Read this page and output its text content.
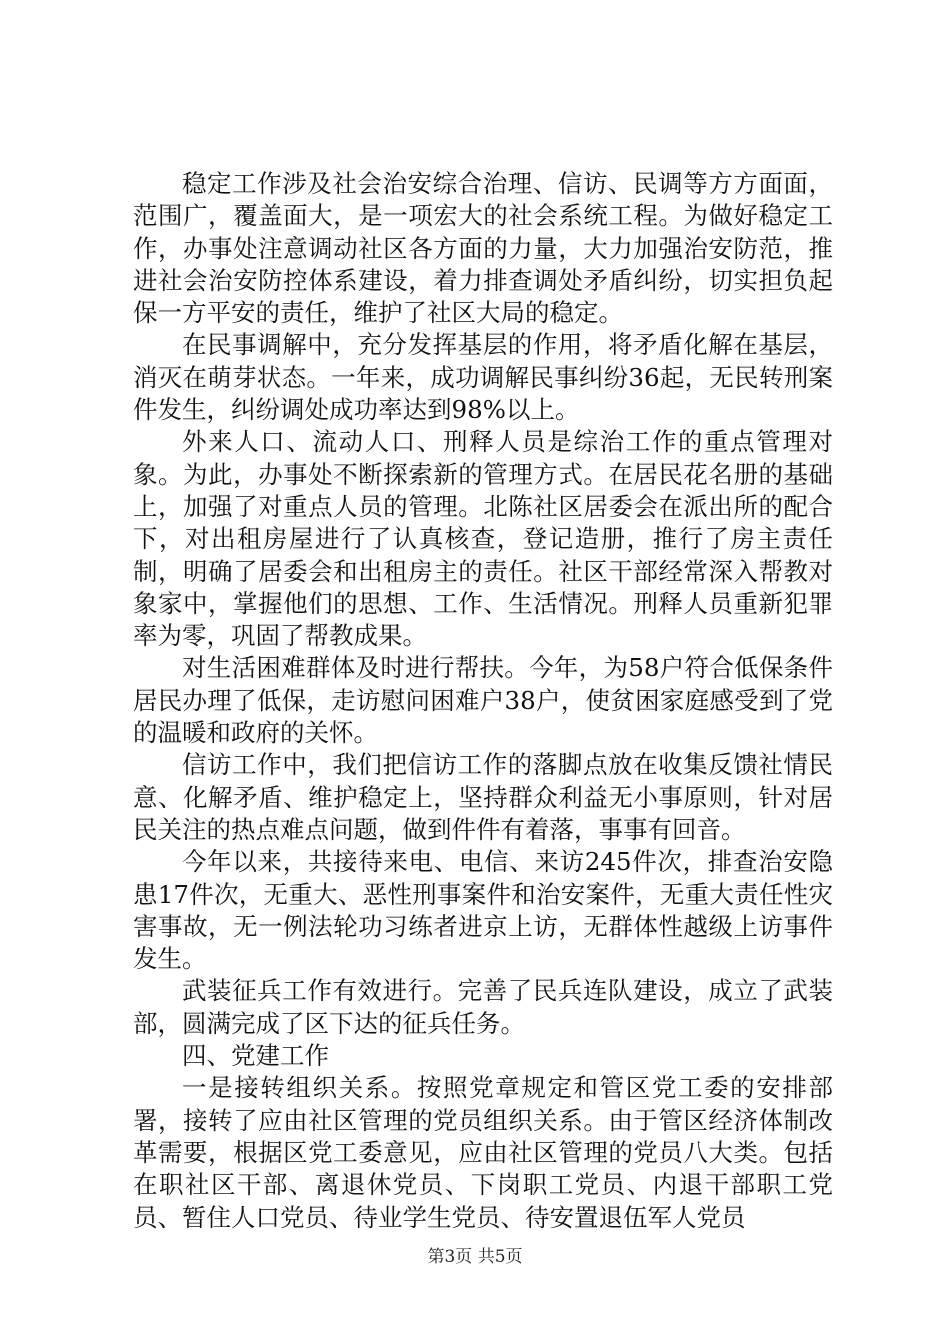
稳定工作涉及社会治安综合治理、信访、民调等方方面面，范围广，覆盖面大，是一项宏大的社会系统工程。为做好稳定工作，办事处注意调动社区各方面的力量，大力加强治安防范，推进社会治安防控体系建设，着力排查调处矛盾纠纷，切实担负起保一方平安的责任，维护了社区大局的稳定。

在民事调解中，充分发挥基层的作用，将矛盾化解在基层，消灭在萌芽状态。一年来，成功调解民事纠纷36起，无民转刑案件发生，纠纷调处成功率达到98%以上。

外来人口、流动人口、刑释人员是综治工作的重点管理对象。为此，办事处不断探索新的管理方式。在居民花名册的基础上，加强了对重点人员的管理。北陈社区居委会在派出所的配合下，对出租房屋进行了认真核查，登记造册，推行了房主责任制，明确了居委会和出租房主的责任。社区干部经常深入帮教对象家中，掌握他们的思想、工作、生活情况。刑释人员重新犯罪率为零，巩固了帮教成果。

对生活困难群体及时进行帮扶。今年，为58户符合低保条件居民办理了低保，走访慰问困难户38户，使贫困家庭感受到了党的温暖和政府的关怀。

信访工作中，我们把信访工作的落脚点放在收集反馈社情民意、化解矛盾、维护稳定上，坚持群众利益无小事原则，针对居民关注的热点难点问题，做到件件有着落，事事有回音。

今年以来，共接待来电、电信、来访245件次，排查治安隐患17件次，无重大、恶性刑事案件和治安案件，无重大责任性灾害事故，无一例法轮功习练者进京上访，无群体性越级上访事件发生。

武装征兵工作有效进行。完善了民兵连队建设，成立了武装部，圆满完成了区下达的征兵任务。

四、党建工作

一是接转组织关系。按照党章规定和管区党工委的安排部署，接转了应由社区管理的党员组织关系。由于管区经济体制改革需要，根据区党工委意见，应由社区管理的党员八大类。包括在职社区干部、离退休党员、下岗职工党员、内退干部职工党员、暂住人口党员、待业学生党员、待安置退伍军人党员

第3页 共5页
